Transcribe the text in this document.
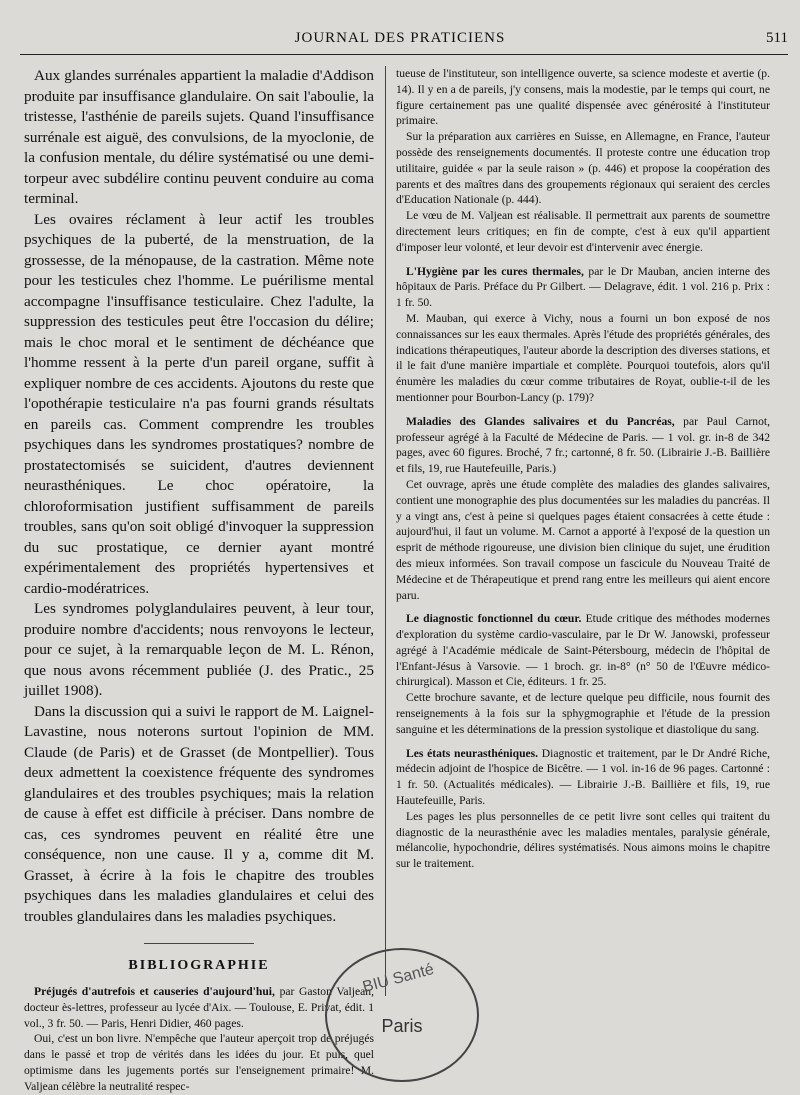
JOURNAL DES PRATICIENS	511

Aux glandes surrénales appartient la maladie d'Addison produite par insuffisance glandulaire. On sait l'aboulie, la tristesse, l'asthénie de pareils sujets. Quand l'insuffisance surrénale est aiguë, des convulsions, de la myoclonie, de la confusion mentale, du délire systématisé ou une demi-torpeur avec subdélire continu peuvent conduire au coma terminal.

Les ovaires réclament à leur actif les troubles psychiques de la puberté, de la menstruation, de la grossesse, de la ménopause, de la castration. Même note pour les testicules chez l'homme. Le puérilisme mental accompagne l'insuffisance testiculaire. Chez l'adulte, la suppression des testicules peut être l'occasion du délire; mais le choc moral et le sentiment de déchéance que l'homme ressent à la perte d'un pareil organe, suffit à expliquer nombre de ces accidents. Ajoutons du reste que l'opothérapie testiculaire n'a pas fourni grands résultats en pareils cas. Comment comprendre les troubles psychiques dans les syndromes prostatiques? nombre de prostatectomisés se suicident, d'autres deviennent neurasthéniques. Le choc opératoire, la chloroformisation justifient suffisamment de pareils troubles, sans qu'on soit obligé d'invoquer la suppression du suc prostatique, ce dernier ayant montré expérimentalement des propriétés hypertensives et cardio-modératrices.

Les syndromes polyglandulaires peuvent, à leur tour, produire nombre d'accidents; nous renvoyons le lecteur, pour ce sujet, à la remarquable leçon de M. L. Rénon, que nous avons récemment publiée (J. des Pratic., 25 juillet 1908).

Dans la discussion qui a suivi le rapport de M. Laignel-Lavastine, nous noterons surtout l'opinion de MM. Claude (de Paris) et de Grasset (de Montpellier). Tous deux admettent la coexistence fréquente des syndromes glandulaires et des troubles psychiques; mais la relation de cause à effet est difficile à préciser. Dans nombre de cas, ces syndromes peuvent en réalité être une conséquence, non une cause. Il y a, comme dit M. Grasset, à écrire à la fois le chapitre des troubles psychiques dans les maladies glandulaires et celui des troubles glandulaires dans les maladies psychiques.

BIBLIOGRAPHIE

Préjugés d'autrefois et causeries d'aujourd'hui, par Gaston Valjean, docteur ès-lettres, professeur au lycée d'Aix. — Toulouse, E. Privat, édit. 1 vol., 3 fr. 50. — Paris, Henri Didier, 460 pages.

Oui, c'est un bon livre. N'empêche que l'auteur aperçoit trop de préjugés dans le passé et trop de vérités dans les idées du jour. Et puis, quel optimisme dans les jugements portés sur l'enseignement primaire! M. Valjean célèbre la neutralité respec-

tueuse de l'instituteur, son intelligence ouverte, sa science modeste et avertie (p. 14). Il y en a de pareils, j'y consens, mais la modestie, par le temps qui court, ne figure certainement pas une qualité dispensée avec générosité à l'instituteur primaire.

Sur la préparation aux carrières en Suisse, en Allemagne, en France, l'auteur possède des renseignements documentés. Il proteste contre une éducation trop utilitaire, guidée « par la seule raison » (p. 446) et propose la coopération des parents et des maîtres dans des groupements régionaux qui seraient des cercles d'Education Nationale (p. 444).

Le vœu de M. Valjean est réalisable. Il permettrait aux parents de soumettre directement leurs critiques; en fin de compte, c'est à eux qu'il appartient d'imposer leur volonté, et leur devoir est d'intervenir avec énergie.

L'Hygiène par les cures thermales, par le Dr Mauban, ancien interne des hôpitaux de Paris. Préface du Pr Gilbert. — Delagrave, édit. 1 vol. 216 p. Prix : 1 fr. 50.

M. Mauban, qui exerce à Vichy, nous a fourni un bon exposé de nos connaissances sur les eaux thermales. Après l'étude des propriétés générales, des indications thérapeutiques, l'auteur aborde la description des diverses stations, et il le fait d'une manière impartiale et complète. Pourquoi toutefois, alors qu'il énumère les maladies du cœur comme tributaires de Royat, oublie-t-il de les mentionner pour Bourbon-Lancy (p. 179)?

Maladies des Glandes salivaires et du Pancréas, par Paul Carnot, professeur agrégé à la Faculté de Médecine de Paris. — 1 vol. gr. in-8 de 342 pages, avec 60 figures. Broché, 7 fr.; cartonné, 8 fr. 50. (Librairie J.-B. Baillière et fils, 19, rue Hautefeuille, Paris.)

Cet ouvrage, après une étude complète des maladies des glandes salivaires, contient une monographie des plus documentées sur les maladies du pancréas. Il y a vingt ans, c'est à peine si quelques pages étaient consacrées à cette étude : aujourd'hui, il faut un volume. M. Carnot a apporté à l'exposé de la question un esprit de méthode rigoureuse, une division bien clinique du sujet, une érudition des mieux informées. Son travail compose un fascicule du Nouveau Traité de Médecine et de Thérapeutique et prend rang entre les meilleurs qui aient encore paru.

Le diagnostic fonctionnel du cœur. Etude critique des méthodes modernes d'exploration du système cardio-vasculaire, par le Dr W. Janowski, professeur agrégé à l'Académie médicale de Saint-Pétersbourg, médecin de l'hôpital de l'Enfant-Jésus à Varsovie. — 1 broch. gr. in-8° (n° 50 de l'Œuvre médico-chirurgical). Masson et Cie, éditeurs. 1 fr. 25.

Cette brochure savante, et de lecture quelque peu difficile, nous fournit des renseignements à la fois sur la sphygmographie et l'étude de la pression sanguine et les déterminations de la pression systolique et diastolique du sang.

Les états neurasthéniques. Diagnostic et traitement, par le Dr André Riche, médecin adjoint de l'hospice de Bicêtre. — 1 vol. in-16 de 96 pages. Cartonné : 1 fr. 50. (Actualités médicales). — Librairie J.-B. Baillière et fils, 19, rue Hautefeuille, Paris.

Les pages les plus personnelles de ce petit livre sont celles qui traitent du diagnostic de la neurasthénie avec les maladies mentales, paralysie générale, mélancolie, hypochondrie, délires systématisés. Nous aimons moins le chapitre sur le traitement.

BIU Santé
Paris
